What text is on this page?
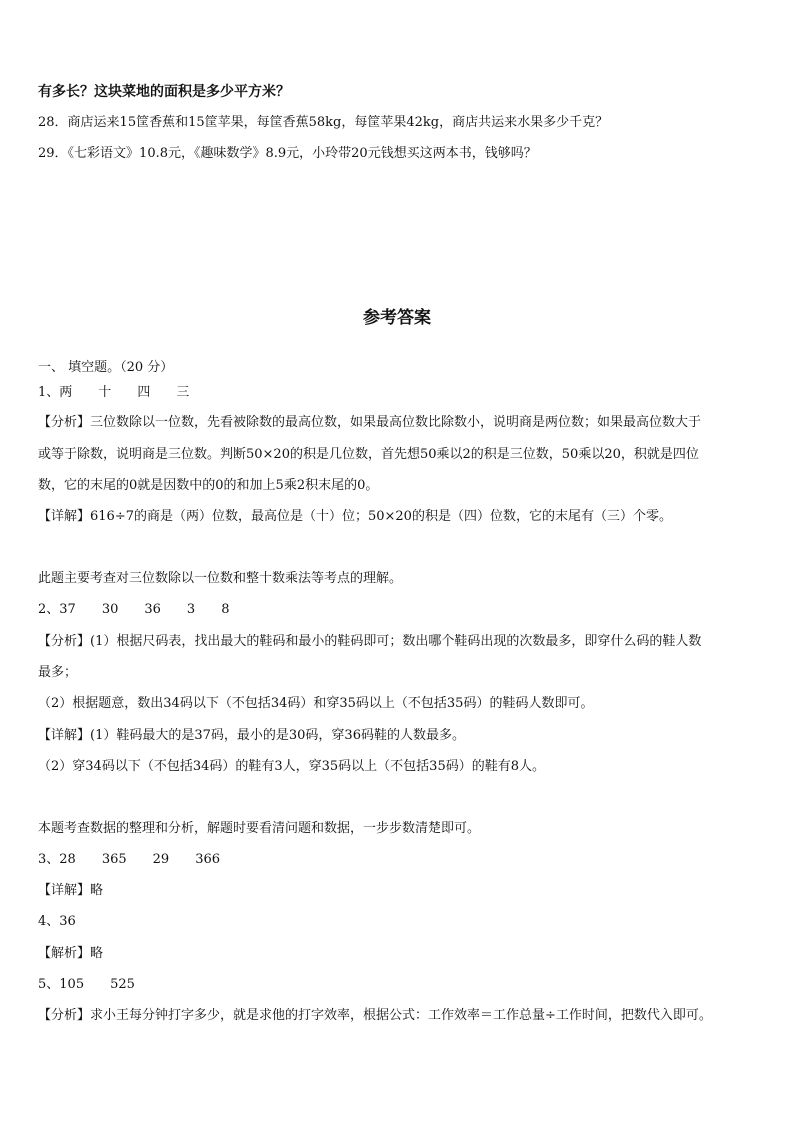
有多长？这块菜地的面积是多少平方米？
28．商店运来15筐香蕉和15筐苹果，每筐香蕉58kg，每筐苹果42kg，商店共运来水果多少千克？
29．《七彩语文》10.8元，《趣味数学》8.9元，小玲带20元钱想买这两本书，钱够吗？
参考答案
一、 填空题。（20 分）
1、两 十 四 三
【分析】三位数除以一位数，先看被除数的最高位数，如果最高位数比除数小，说明商是两位数；如果最高位数大于
或等于除数，说明商是三位数。判断50×20的积是几位数，首先想50乘以2的积是三位数，50乘以20，积就是四位
数，它的末尾的0就是因数中的0的和加上5乘2积末尾的0。
【详解】616÷7的商是（两）位数，最高位是（十）位；50×20的积是（四）位数，它的末尾有（三）个零。
此题主要考查对三位数除以一位数和整十数乘法等考点的理解。
2、37 30 36 3 8
【分析】(1）根据尺码表，找出最大的鞋码和最小的鞋码即可；数出哪个鞋码出现的次数最多，即穿什么码的鞋人数
最多；
（2）根据题意，数出34码以下（不包括34码）和穿35码以上（不包括35码）的鞋码人数即可。
【详解】(1）鞋码最大的是37码，最小的是30码，穿36码鞋的人数最多。
（2）穿34码以下（不包括34码）的鞋有3人，穿35码以上（不包括35码）的鞋有8人。
本题考查数据的整理和分析，解题时要看清问题和数据，一步步数清楚即可。
3、28 365 29 366
【详解】略
4、36
【解析】略
5、105 525
【分析】求小王每分钟打字多少，就是求他的打字效率，根据公式：工作效率＝工作总量÷工作时间，把数代入即可。
